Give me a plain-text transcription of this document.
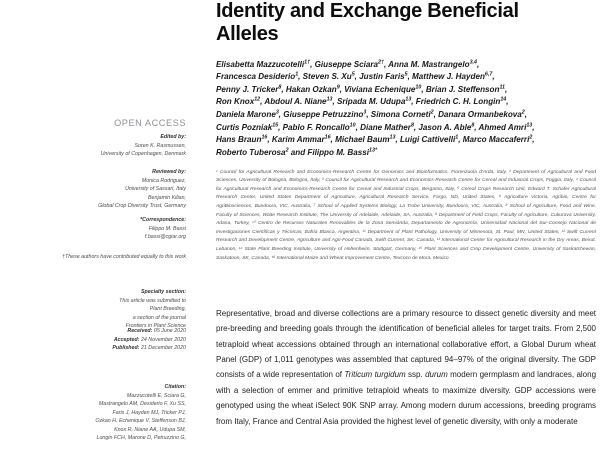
OPEN ACCESS
Edited by:
Soren K. Rasmussen,
University of Copenhagen, Denmark
Reviewed by:
Monica Rodriguez,
University of Sassari, Italy
Benjamin Kilian,
Global Crop Diversity Trust, Germany
*Correspondence:
Filippo M. Bassi
f.bassi@cgiar.org
†These authors have contributed equally to this work
Specialty section:
This article was submitted to
Plant Breeding,
a section of the journal
Frontiers in Plant Science
Received: 05 June 2020
Accepted: 24 November 2020
Published: 21 December 2020
Citation:
Mazzucotelli E, Sciara G,
Mastrangelo AM, Desiderio F, Xu SS,
Faris J, Hayden MJ, Tricker PJ,
Ozkan H, Echenique V, Steffenson BJ,
Knox R, Niane AA, Udupa SM,
Longin FCH, Marone D, Petruzzino G,
Identity and Exchange Beneficial
Alleles
Elisabetta Mazzucotelli$^{1\dagger}$, Giuseppe Sciara$^{2\dagger}$, Anna M. Mastrangelo$^{3,4}$,
Francesca Desiderio$^1$, Steven S. Xu$^5$, Justin Faris$^5$, Matthew J. Hayden$^{6,7}$,
Penny J. Tricker$^8$, Hakan Ozkan$^9$, Viviana Echenique$^{10}$, Brian J. Steffenson$^{11}$,
Ron Knox$^{12}$, Abdoul A. Niane$^{13}$, Sripada M. Udupa$^{13}$, Friedrich C. H. Longin$^{14}$,
Daniela Marone$^3$, Giuseppe Petruzzino$^3$, Simona Corneti$^2$, Danara Ormanbekova$^2$,
Curtis Pozniak$^{15}$, Pablo F. Roncallo$^{10}$, Diane Mather$^8$, Jason A. Able$^8$, Ahmed Amri$^{13}$,
Hans Braun$^{16}$, Karim Ammar$^{16}$, Michael Baum$^{13}$, Luigi Cattivelli$^1$, Marco Maccaferri$^2$,
Roberto Tuberosa$^2$ and Filippo M. Bassi$^{13*}$
¹ Council for Agricultural Research and Economics-Research Centre for Genomics and Bioinformatics, Fiorenzuola d'Arda, Italy, ² Department of Agricultural and Food Sciences, University of Bologna, Bologna, Italy, ³ Council for Agricultural Research and Economics-Research Centre for Cereal and Industrial Crops, Foggia, Italy, ⁴ Council for Agricultural Research and Economics-Research Centre for Cereal and Industrial Crops, Bergamo, Italy, ⁵ Cereal Crops Research Unit, Edward T. Schafer Agricultural Research Center, United States Department of Agriculture, Agricultural Research Service, Fargo, ND, United States, ⁶ Agriculture Victoria, Agribio, Centre for AgriBiosciences, Bundoora, VIC, Australia, ⁷ School of Applied Systems Biology, La Trobe University, Bundoora, VIC, Australia, ⁸ School of Agriculture, Food and Wine, Faculty of Sciences, Waite Research Institute, The University of Adelaide, Adelaide, SA, Australia, ⁹ Department of Field Crops, Faculty of Agriculture, Cukurova University, Adana, Turkey, ¹⁰ Centro de Recursos Naturales Renovables de la Zona Semiárida, Departamento de Agronomía, Universidad Nacional del Sur-Consejo Nacional de Investigaciones Científicas y Técnicas, Bahía Blanca, Argentina, ¹¹ Department of Plant Pathology, University of Minnesota, St. Paul, MN, United States, ¹² Swift Current Research and Development Centre, Agriculture and Agri-Food Canada, Swift Current, SK, Canada, ¹³ International Center for Agricultural Research in the Dry Areas, Beirut, Lebanon, ¹⁴ State Plant Breeding Institute, University of Hohenheim, Stuttgart, Germany, ¹⁵ Plant Sciences and Crop Development Centre, University of Saskatchewan, Saskatoon, SK, Canada, ¹⁶ International Maize and Wheat Improvement Centre, Texcoco de Mora, Mexico

Representative, broad and diverse collections are a primary resource to dissect genetic diversity and meet pre-breeding and breeding goals through the identification of beneficial alleles for target traits. From 2,500 tetraploid wheat accessions obtained through an international collaborative effort, a Global Durum wheat Panel (GDP) of 1,011 genotypes was assembled that captured 94–97% of the original diversity. The GDP consists of a wide representation of Triticum turgidum ssp. durum modern germplasm and landraces, along with a selection of emmer and primitive tetraploid wheats to maximize diversity. GDP accessions were genotyped using the wheat iSelect 90K SNP array. Among modern durum accessions, breeding programs from Italy, France and Central Asia provided the highest level of genetic diversity, with only a moderate
